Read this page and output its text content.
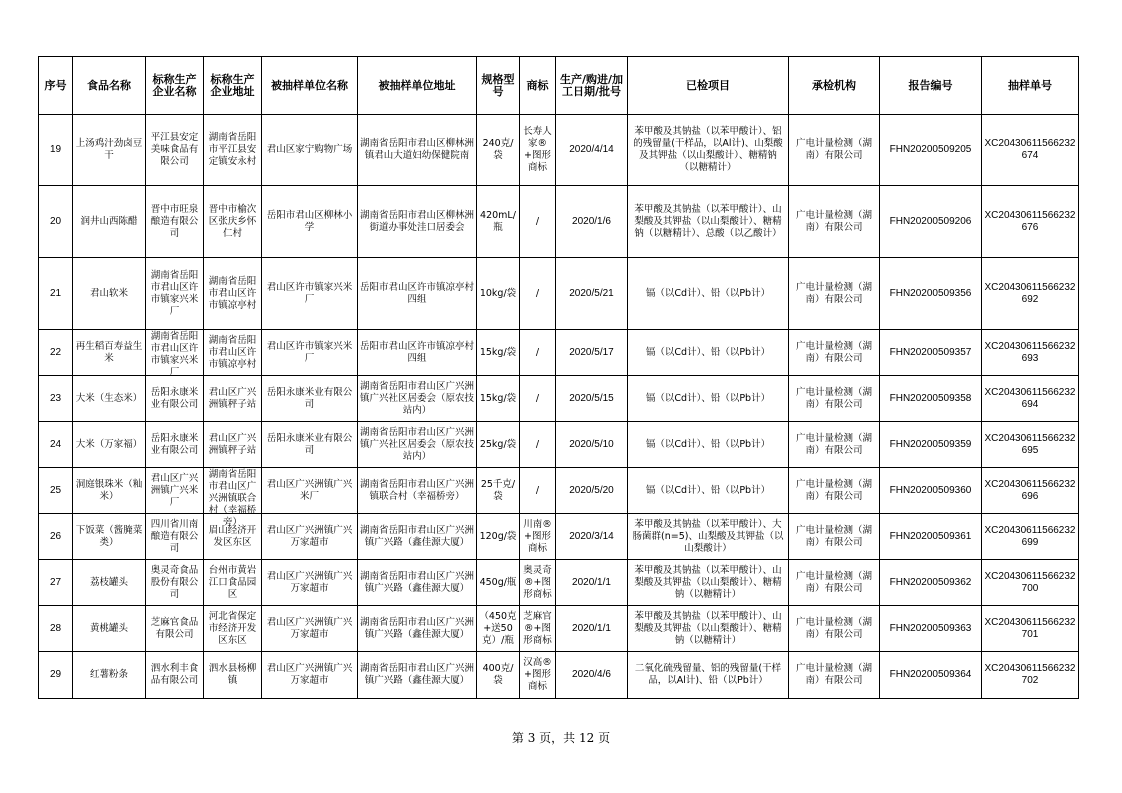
序号	食品名称	标称生产企业名称	标称生产企业地址	被抽样单位名称	被抽样单位地址	规格型号	商标	生产/购进/加工日期/批号	已检项目	承检机构	报告编号	抽样单号

19	上汤鸡汁劲卤豆干	平江县安定美味食品有限公司	湖南省岳阳市平江县安定镇安永村	君山区家宁购物广场	湖南省岳阳市君山区柳林洲镇君山大道妇幼保健院南	240克/袋	长寿人家®+图形商标	2020/4/14	苯甲酸及其钠盐（以苯甲酸计）、铝的残留量(干样品，以Al计)、山梨酸及其钾盐（以山梨酸计）、糖精钠（以糖精计）	广电计量检测（湖南）有限公司	FHN20200509205	XC20430611566232674

20	润井山西陈醋	晋中市旺泉酿造有限公司	晋中市榆次区张庆乡怀仁村	岳阳市君山区柳林小学	湖南省岳阳市君山区柳林洲街道办事处洼口居委会	420mL/瓶	/	2020/1/6	苯甲酸及其钠盐（以苯甲酸计）、山梨酸及其钾盐（以山梨酸计）、糖精钠（以糖精计）、总酸（以乙酸计）	广电计量检测（湖南）有限公司	FHN20200509206	XC20430611566232676

21	君山软米	湖南省岳阳市君山区许市镇家兴米厂	湖南省岳阳市君山区许市镇凉亭村	君山区许市镇家兴米厂	岳阳市君山区许市镇凉亭村四组	10kg/袋	/	2020/5/21	镉（以Cd计）、铅（以Pb计）	广电计量检测（湖南）有限公司	FHN20200509356	XC20430611566232692

22	再生稻百寿益生米	湖南省岳阳市君山区许市镇家兴米厂	湖南省岳阳市君山区许市镇凉亭村	君山区许市镇家兴米厂	岳阳市君山区许市镇凉亭村四组	15kg/袋	/	2020/5/17	镉（以Cd计）、铅（以Pb计）	广电计量检测（湖南）有限公司	FHN20200509357	XC20430611566232693

23	大米（生态米）	岳阳永康米业有限公司	君山区广兴洲镇秤子站	岳阳永康米业有限公司	湖南省岳阳市君山区广兴洲镇广兴社区居委会（原农技站内）	15kg/袋	/	2020/5/15	镉（以Cd计）、铅（以Pb计）	广电计量检测（湖南）有限公司	FHN20200509358	XC20430611566232694

24	大米（万家福）	岳阳永康米业有限公司	君山区广兴洲镇秤子站	岳阳永康米业有限公司	湖南省岳阳市君山区广兴洲镇广兴社区居委会（原农技站内）	25kg/袋	/	2020/5/10	镉（以Cd计）、铅（以Pb计）	广电计量检测（湖南）有限公司	FHN20200509359	XC20430611566232695

25	洞庭银珠米（籼米）	君山区广兴洲镇广兴米厂	湖南省岳阳市君山区广兴洲镇联合村（幸福桥旁）	君山区广兴洲镇广兴米厂	湖南省岳阳市君山区广兴洲镇联合村（幸福桥旁）	25千克/袋	/	2020/5/20	镉（以Cd计）、铅（以Pb计）	广电计量检测（湖南）有限公司	FHN20200509360	XC20430611566232696

26	下饭菜（酱腌菜类）	四川省川南酿造有限公司	眉山经济开发区东区	君山区广兴洲镇广兴万家超市	湖南省岳阳市君山区广兴洲镇广兴路（鑫佳源大厦）	120g/袋	川南®+图形商标	2020/3/14	苯甲酸及其钠盐（以苯甲酸计）、大肠菌群(n=5)、山梨酸及其钾盐（以山梨酸计）	广电计量检测（湖南）有限公司	FHN20200509361	XC20430611566232699

27	荔枝罐头	奥灵奇食品股份有限公司	台州市黄岩江口食品园区	君山区广兴洲镇广兴万家超市	湖南省岳阳市君山区广兴洲镇广兴路（鑫佳源大厦）	450g/瓶	奥灵奇®+图形商标	2020/1/1	苯甲酸及其钠盐（以苯甲酸计）、山梨酸及其钾盐（以山梨酸计）、糖精钠（以糖精计）	广电计量检测（湖南）有限公司	FHN20200509362	XC20430611566232700

28	黄桃罐头	芝麻官食品有限公司	河北省保定市经济开发区东区	君山区广兴洲镇广兴万家超市	湖南省岳阳市君山区广兴洲镇广兴路（鑫佳源大厦）	（450克+送50克）/瓶	芝麻官®+图形商标	2020/1/1	苯甲酸及其钠盐（以苯甲酸计）、山梨酸及其钾盐（以山梨酸计）、糖精钠（以糖精计）	广电计量检测（湖南）有限公司	FHN20200509363	XC20430611566232701

29	红薯粉条	泗水利丰食品有限公司	泗水县杨柳镇	君山区广兴洲镇广兴万家超市	湖南省岳阳市君山区广兴洲镇广兴路（鑫佳源大厦）	400克/袋	汉高®+图形商标	2020/4/6	二氧化硫残留量、铝的残留量(干样品，以Al计)、铅（以Pb计）	广电计量检测（湖南）有限公司	FHN20200509364	XC20430611566232702
第 3 页，共 12 页
